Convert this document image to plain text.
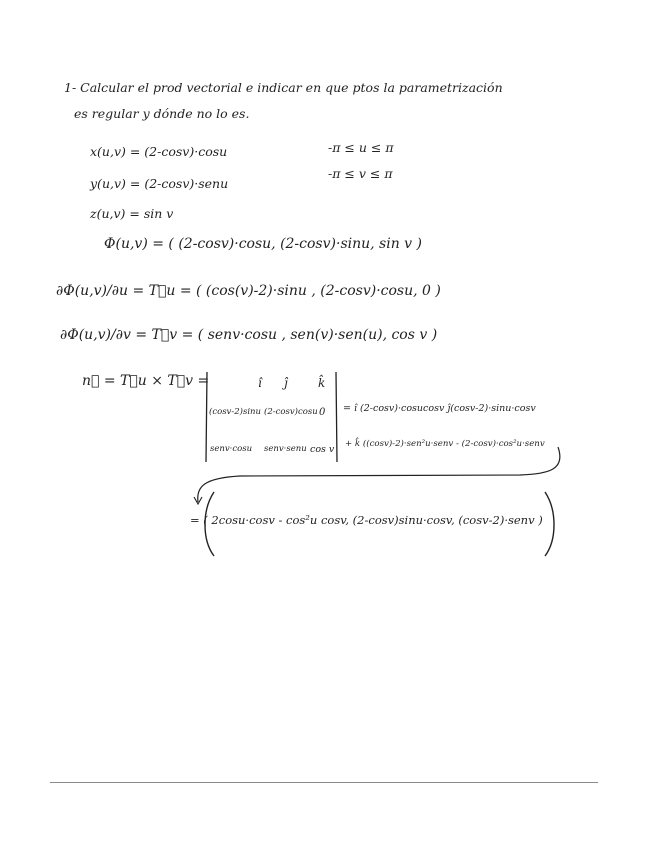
1- Calcular el prod vectorial e indicar en que ptos la parametrización
es regular y dónde no lo es.
x(u,v) = (2-cosv)·cosu
y(u,v) = (2-cosv)·senu
z(u,v) = sin v
-π ≤ u ≤ π
-π ≤ v ≤ π
Φ(u,v) = ( (2-cosv)·cosu, (2-cosv)·sinu, sin v )
∂Φ(u,v)/∂u = T⃗u = ( (cos(v)-2)·sinu , (2-cosv)·cosu, 0 )
∂Φ(u,v)/∂v = T⃗v = ( senv·cosu , sen(v)·sen(u), cos v )
n⃗ = T⃗u × T⃗v =	î ĵ	k̂
(cosv-2)sinu (2-cosv)cosu 0
senv·cosu senv·senu cos v
= î (2-cosv)·cosucosv ĵ(cosv-2)·sinu·cosv
+ k̂ ((cosv)-2)·sen²u·senv - (2-cosv)·cos²u·senv
= ( 2cosu·cosv - cos²u cosv, (2-cosv)sinu·cosv, (cosv-2)·senv )
